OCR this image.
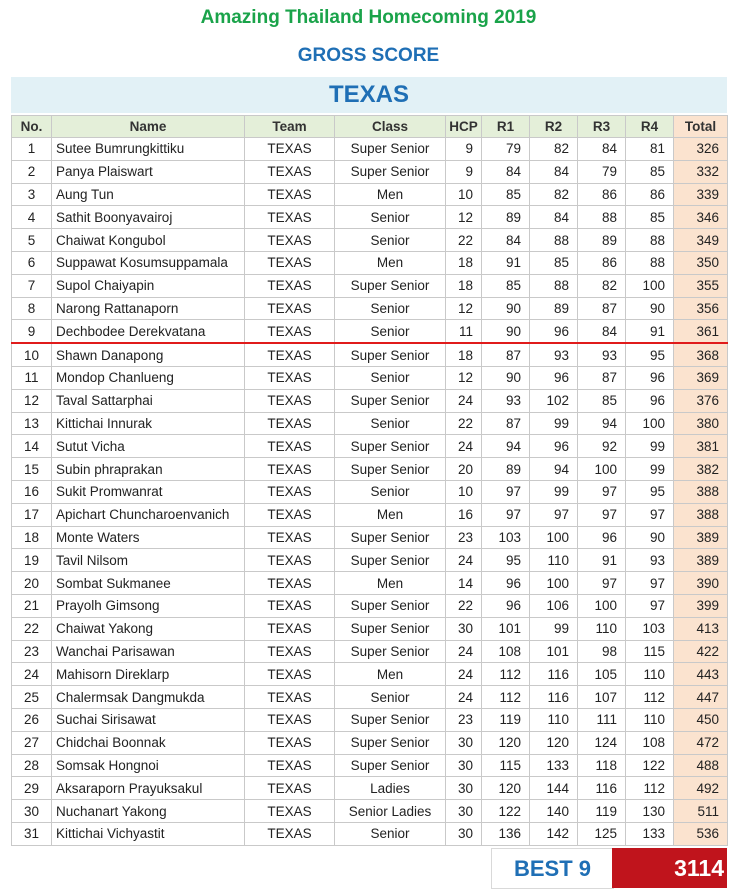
Amazing Thailand Homecoming 2019
GROSS SCORE
TEXAS
No.	Name	Team	Class	HCP	R1	R2	R3	R4	Total
1	Sutee Bumrungkittiku	TEXAS	Super Senior	9	79	82	84	81	326
2	Panya Plaiswart	TEXAS	Super Senior	9	84	84	79	85	332
3	Aung Tun	TEXAS	Men	10	85	82	86	86	339
4	Sathit Boonyavairoj	TEXAS	Senior	12	89	84	88	85	346
5	Chaiwat Kongubol	TEXAS	Senior	22	84	88	89	88	349
6	Suppawat Kosumsuppamala	TEXAS	Men	18	91	85	86	88	350
7	Supol Chaiyapin	TEXAS	Super Senior	18	85	88	82	100	355
8	Narong Rattanaporn	TEXAS	Senior	12	90	89	87	90	356
9	Dechbodee Derekvatana	TEXAS	Senior	11	90	96	84	91	361
10	Shawn Danapong	TEXAS	Super Senior	18	87	93	93	95	368
11	Mondop Chanlueng	TEXAS	Senior	12	90	96	87	96	369
12	Taval Sattarphai	TEXAS	Super Senior	24	93	102	85	96	376
13	Kittichai Innurak	TEXAS	Senior	22	87	99	94	100	380
14	Sutut Vicha	TEXAS	Super Senior	24	94	96	92	99	381
15	Subin phraprakan	TEXAS	Super Senior	20	89	94	100	99	382
16	Sukit Promwanrat	TEXAS	Senior	10	97	99	97	95	388
17	Apichart Chuncharoenvanich	TEXAS	Men	16	97	97	97	97	388
18	Monte Waters	TEXAS	Super Senior	23	103	100	96	90	389
19	Tavil Nilsom	TEXAS	Super Senior	24	95	110	91	93	389
20	Sombat Sukmanee	TEXAS	Men	14	96	100	97	97	390
21	Prayolh Gimsong	TEXAS	Super Senior	22	96	106	100	97	399
22	Chaiwat Yakong	TEXAS	Super Senior	30	101	99	110	103	413
23	Wanchai Parisawan	TEXAS	Super Senior	24	108	101	98	115	422
24	Mahisorn Direklarp	TEXAS	Men	24	112	116	105	110	443
25	Chalermsak Dangmukda	TEXAS	Senior	24	112	116	107	112	447
26	Suchai Sirisawat	TEXAS	Super Senior	23	119	110	111	110	450
27	Chidchai Boonnak	TEXAS	Super Senior	30	120	120	124	108	472
28	Somsak Hongnoi	TEXAS	Super Senior	30	115	133	118	122	488
29	Aksaraporn Prayuksakul	TEXAS	Ladies	30	120	144	116	112	492
30	Nuchanart Yakong	TEXAS	Senior Ladies	30	122	140	119	130	511
31	Kittichai Vichyastit	TEXAS	Senior	30	136	142	125	133	536
BEST 9	3114
